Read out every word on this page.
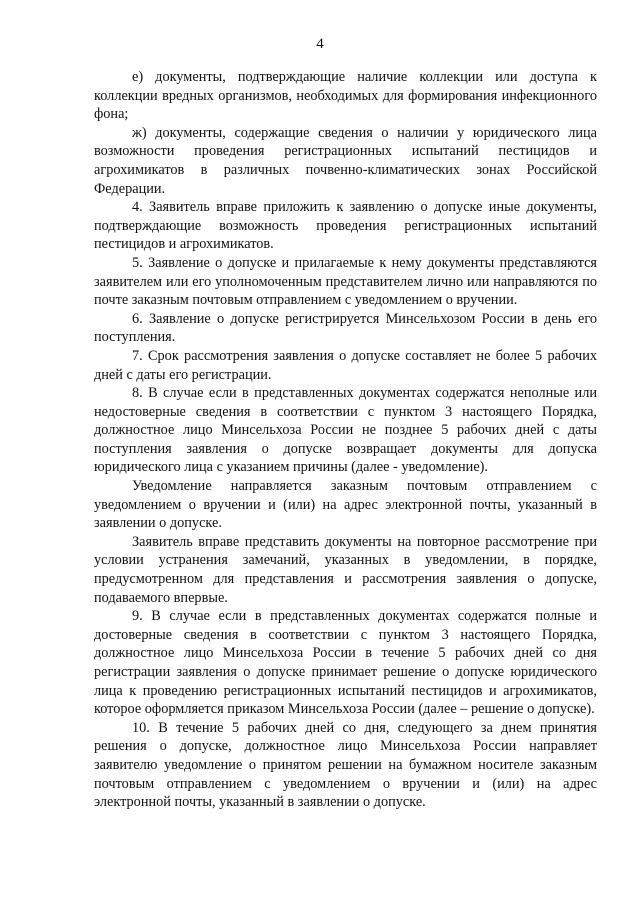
4

е) документы, подтверждающие наличие коллекции или доступа к коллекции вредных организмов, необходимых для формирования инфекционного фона;

ж) документы, содержащие сведения о наличии у юридического лица возможности проведения регистрационных испытаний пестицидов и агрохимикатов в различных почвенно-климатических зонах Российской Федерации.

4. Заявитель вправе приложить к заявлению о допуске иные документы, подтверждающие возможность проведения регистрационных испытаний пестицидов и агрохимикатов.

5. Заявление о допуске и прилагаемые к нему документы представляются заявителем или его уполномоченным представителем лично или направляются по почте заказным почтовым отправлением с уведомлением о вручении.

6. Заявление о допуске регистрируется Минсельхозом России в день его поступления.

7. Срок рассмотрения заявления о допуске составляет не более 5 рабочих дней с даты его регистрации.

8. В случае если в представленных документах содержатся неполные или недостоверные сведения в соответствии с пунктом 3 настоящего Порядка, должностное лицо Минсельхоза России не позднее 5 рабочих дней с даты поступления заявления о допуске возвращает документы для допуска юридического лица с указанием причины (далее - уведомление).

Уведомление направляется заказным почтовым отправлением с уведомлением о вручении и (или) на адрес электронной почты, указанный в заявлении о допуске.

Заявитель вправе представить документы на повторное рассмотрение при условии устранения замечаний, указанных в уведомлении, в порядке, предусмотренном для представления и рассмотрения заявления о допуске, подаваемого впервые.

9. В случае если в представленных документах содержатся полные и достоверные сведения в соответствии с пунктом 3 настоящего Порядка, должностное лицо Минсельхоза России в течение 5 рабочих дней со дня регистрации заявления о допуске принимает решение о допуске юридического лица к проведению регистрационных испытаний пестицидов и агрохимикатов, которое оформляется приказом Минсельхоза России (далее – решение о допуске).

10. В течение 5 рабочих дней со дня, следующего за днем принятия решения о допуске, должностное лицо Минсельхоза России направляет заявителю уведомление о принятом решении на бумажном носителе заказным почтовым отправлением с уведомлением о вручении и (или) на адрес электронной почты, указанный в заявлении о допуске.
